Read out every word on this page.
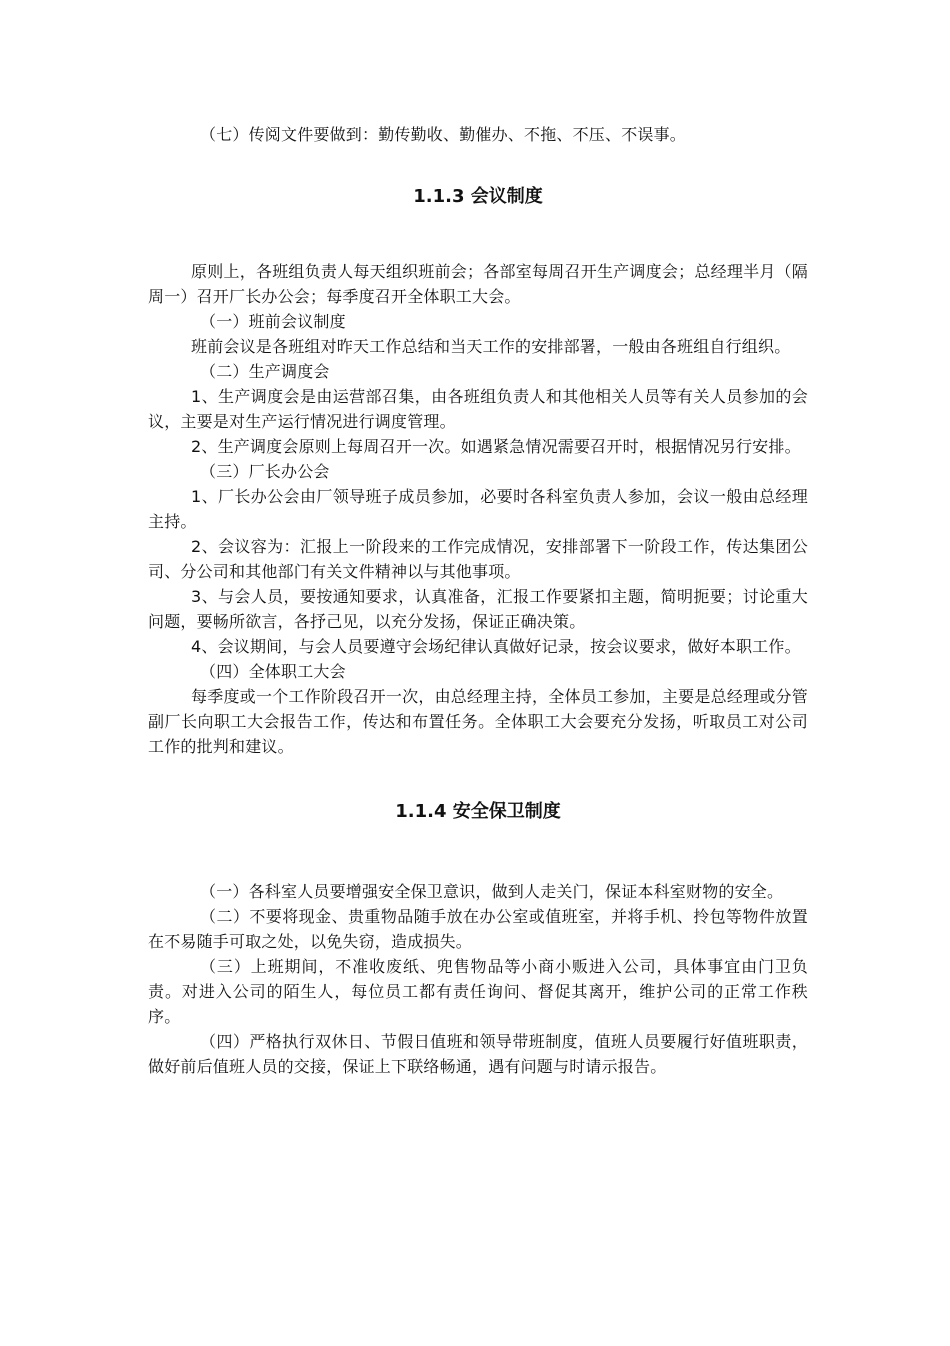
（七）传阅文件要做到：勤传勤收、勤催办、不拖、不压、不误事。

1.1.3 会议制度

原则上，各班组负责人每天组织班前会；各部室每周召开生产调度会；总经理半月（隔周一）召开厂长办公会；每季度召开全体职工大会。

（一）班前会议制度

班前会议是各班组对昨天工作总结和当天工作的安排部署，一般由各班组自行组织。

（二）生产调度会

1、生产调度会是由运营部召集，由各班组负责人和其他相关人员等有关人员参加的会议，主要是对生产运行情况进行调度管理。

2、生产调度会原则上每周召开一次。如遇紧急情况需要召开时，根据情况另行安排。

（三）厂长办公会

1、厂长办公会由厂领导班子成员参加，必要时各科室负责人参加，会议一般由总经理主持。

2、会议容为：汇报上一阶段来的工作完成情况，安排部署下一阶段工作，传达集团公司、分公司和其他部门有关文件精神以与其他事项。

3、与会人员，要按通知要求，认真准备，汇报工作要紧扣主题，简明扼要；讨论重大问题，要畅所欲言，各抒己见，以充分发扬，保证正确决策。

4、会议期间，与会人员要遵守会场纪律认真做好记录，按会议要求，做好本职工作。

（四）全体职工大会

每季度或一个工作阶段召开一次，由总经理主持，全体员工参加，主要是总经理或分管副厂长向职工大会报告工作，传达和布置任务。全体职工大会要充分发扬，听取员工对公司工作的批判和建议。

1.1.4 安全保卫制度

（一）各科室人员要增强安全保卫意识，做到人走关门，保证本科室财物的安全。

（二）不要将现金、贵重物品随手放在办公室或值班室，并将手机、拎包等物件放置在不易随手可取之处，以免失窃，造成损失。

（三）上班期间，不准收废纸、兜售物品等小商小贩进入公司，具体事宜由门卫负责。对进入公司的陌生人，每位员工都有责任询问、督促其离开，维护公司的正常工作秩序。

（四）严格执行双休日、节假日值班和领导带班制度，值班人员要履行好值班职责，做好前后值班人员的交接，保证上下联络畅通，遇有问题与时请示报告。
